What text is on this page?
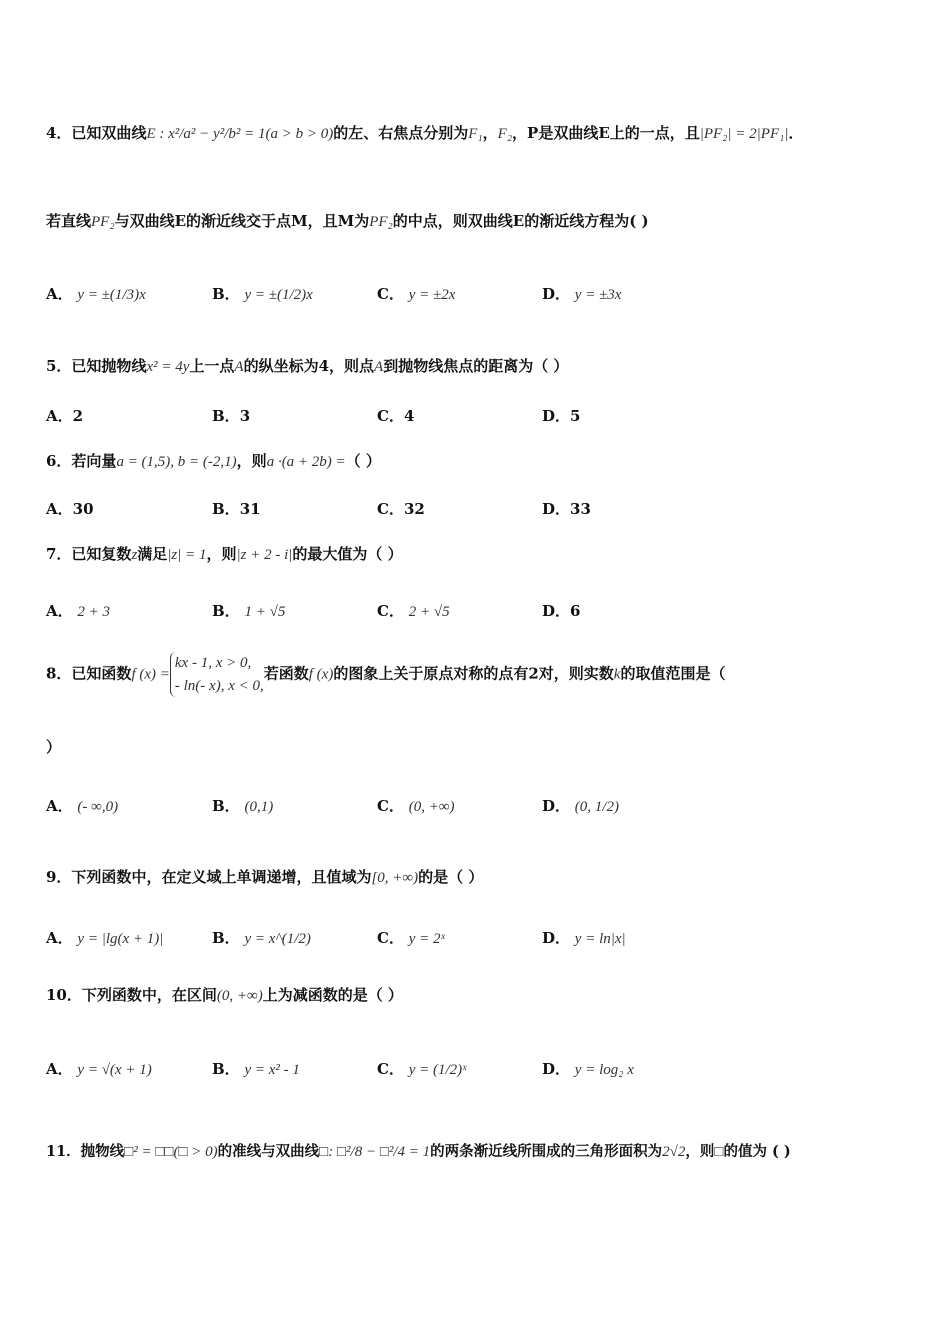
4．已知双曲线E : x²/a² − y²/b² = 1(a > b > 0)的左、右焦点分别为F₁，F₂，P是双曲线E上的一点，且|PF₂| = 2|PF₁|．
若直线PF₂与双曲线E的渐近线交于点M，且M为PF₂的中点，则双曲线E的渐近线方程为( )
A． y = ±(1/3)x	B． y = ±(1/2)x	C． y = ±2x	D． y = ±3x
5．已知抛物线x² = 4y上一点A的纵坐标为4，则点A到抛物线焦点的距离为（ ）
A．2	B．3	C．4	D．5
6．若向量a = (1,5), b = (-2,1)，则a ·(a + 2b) =（ ）
A．30	B．31	C．32	D．33
7．已知复数z满足|z| = 1，则|z + 2 - i|的最大值为（ ）
A． 2 + 3	B． 1 + √5	C． 2 + √5	D．6
8．已知函数f (x) =
kx - 1, x > 0,
- ln(- x), x < 0,
若函数f (x)的图象上关于原点对称的点有2对，则实数k的取值范围是（
）
A． (- ∞,0)	B． (0,1)	C． (0, +∞)	D． (0, 1/2)
9．下列函数中，在定义域上单调递增，且值域为[0, +∞)的是（ ）
A． y = |lg(x + 1)|	B． y = x^(1/2)	C． y = 2ˣ	D． y = ln|x|
10．下列函数中，在区间(0, +∞)上为减函数的是（ ）
A． y = √(x + 1)	B． y = x² - 1	C． y = (1/2)ˣ	D． y = log₂ x
11．抛物线□² = □□(□ > 0)的准线与双曲线□: □²/8 − □²/4 = 1的两条渐近线所围成的三角形面积为2√2，则□的值为 ( )
